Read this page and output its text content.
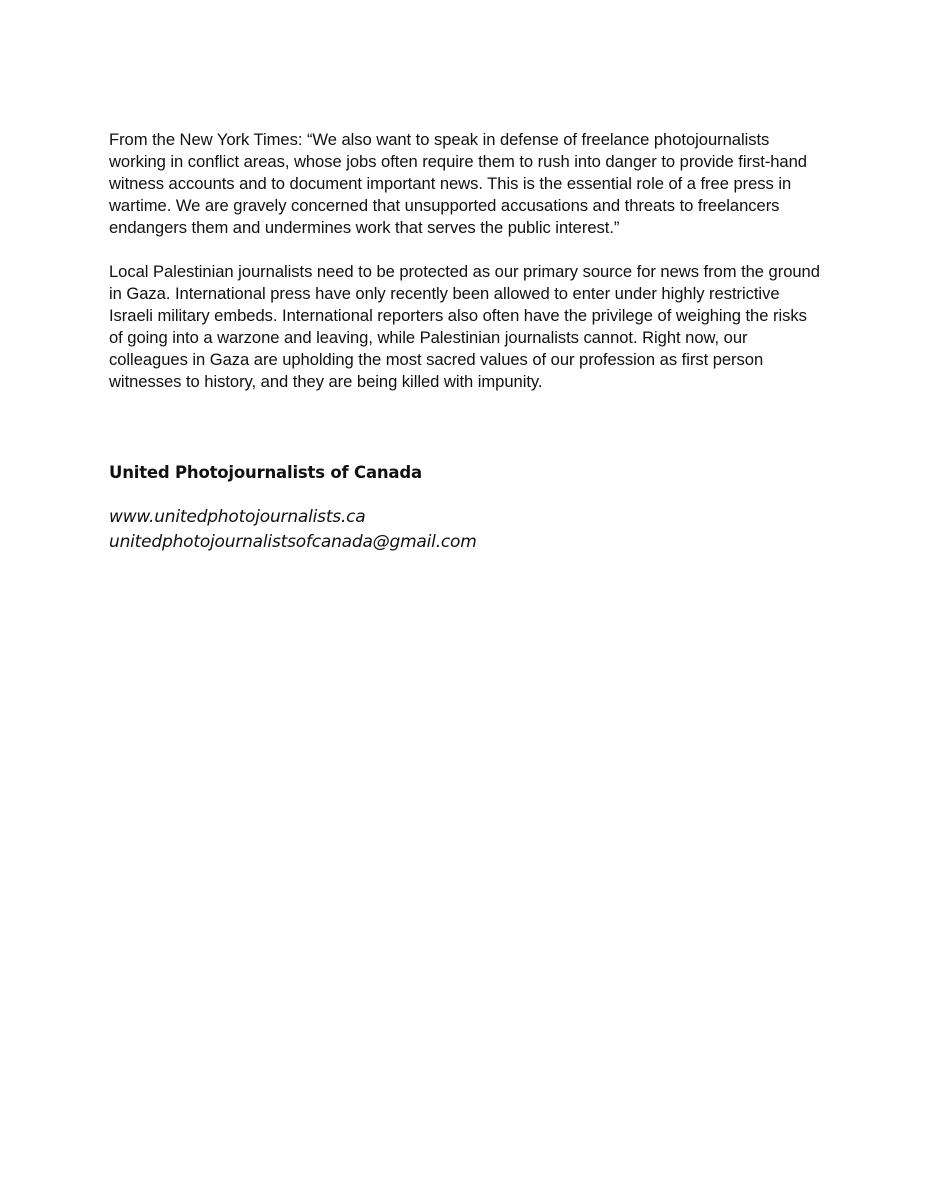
From the New York Times: “We also want to speak in defense of freelance photojournalists working in conflict areas, whose jobs often require them to rush into danger to provide first-hand witness accounts and to document important news. This is the essential role of a free press in wartime. We are gravely concerned that unsupported accusations and threats to freelancers endangers them and undermines work that serves the public interest.”

Local Palestinian journalists need to be protected as our primary source for news from the ground in Gaza. International press have only recently been allowed to enter under highly restrictive Israeli military embeds. International reporters also often have the privilege of weighing the risks of going into a warzone and leaving, while Palestinian journalists cannot. Right now, our colleagues in Gaza are upholding the most sacred values of our profession as first person witnesses to history, and they are being killed with impunity.

United Photojournalists of Canada

www.unitedphotojournalists.ca
unitedphotojournalistsofcanada@gmail.com
